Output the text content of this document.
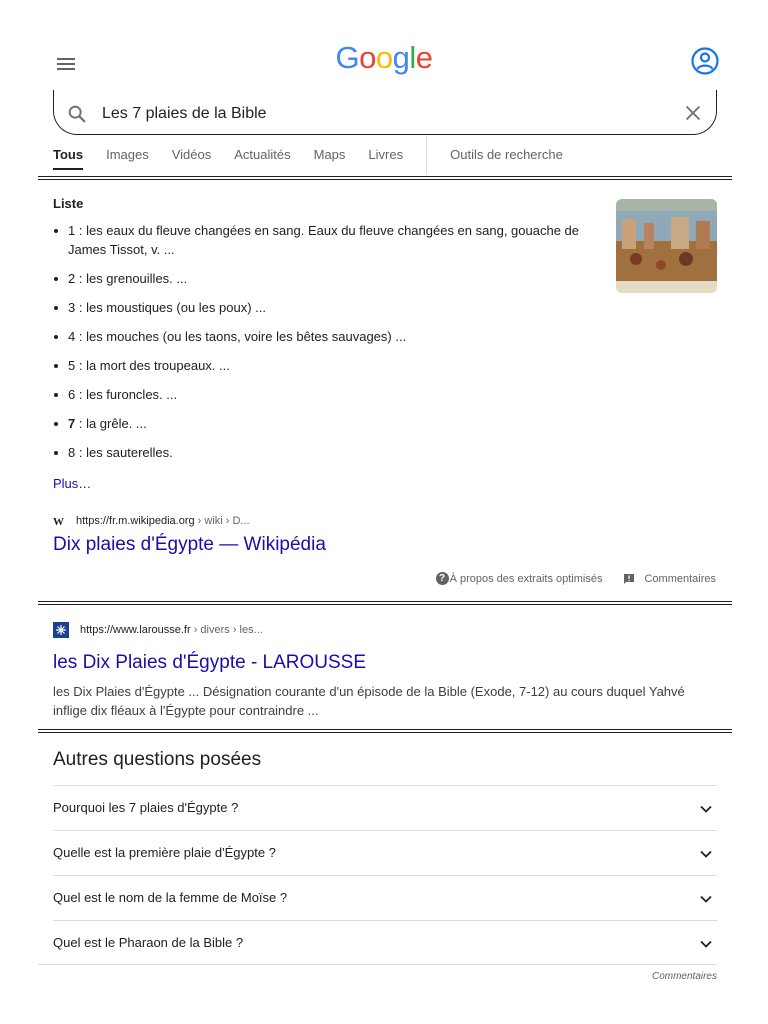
Google
Les 7 plaies de la Bible
Tous Images Vidéos Actualités Maps Livres	Outils de recherche
Liste
1 : les eaux du fleuve changées en sang. Eaux du fleuve changées en sang, gouache de James Tissot, v. ...
2 : les grenouilles. ...
3 : les moustiques (ou les poux) ...
4 : les mouches (ou les taons, voire les bêtes sauvages) ...
5 : la mort des troupeaux. ...
6 : les furoncles. ...
7 : la grêle. ...
8 : les sauterelles.
Plus…
W https://fr.m.wikipedia.org › wiki › D...
Dix plaies d'Égypte — Wikipédia
? À propos des extraits optimisés	Commentaires
https://www.larousse.fr › divers › les...
les Dix Plaies d'Égypte - LAROUSSE
les Dix Plaies d'Égypte ... Désignation courante d'un épisode de la Bible (Exode, 7-12) au cours duquel Yahvé inflige dix fléaux à l'Égypte pour contraindre ...
Autres questions posées
Pourquoi les 7 plaies d'Égypte ?
Quelle est la première plaie d'Égypte ?
Quel est le nom de la femme de Moïse ?
Quel est le Pharaon de la Bible ?
Commentaires
